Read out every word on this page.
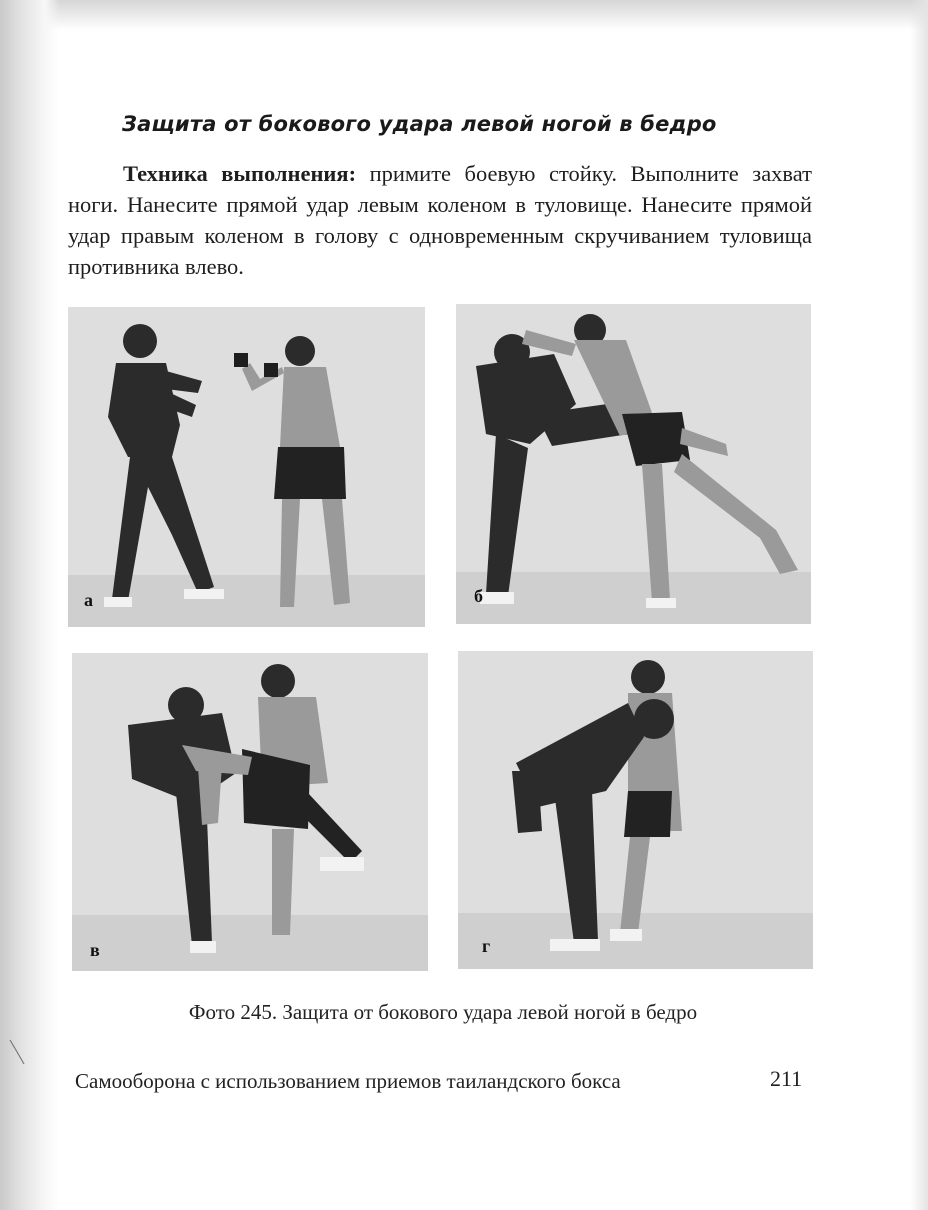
Защита от бокового удара левой ногой в бедро

Техника выполнения: примите боевую стойку. Выполните захват ноги. Нанесите прямой удар левым коленом в туловище. Нанесите прямой удар правым коленом в голову с одновременным скручиванием туловища противника влево.

а	б
в	г
Фото 245. Защита от бокового удара левой ногой в бедро
Самооборона с использованием приемов таиландского бокса	211
